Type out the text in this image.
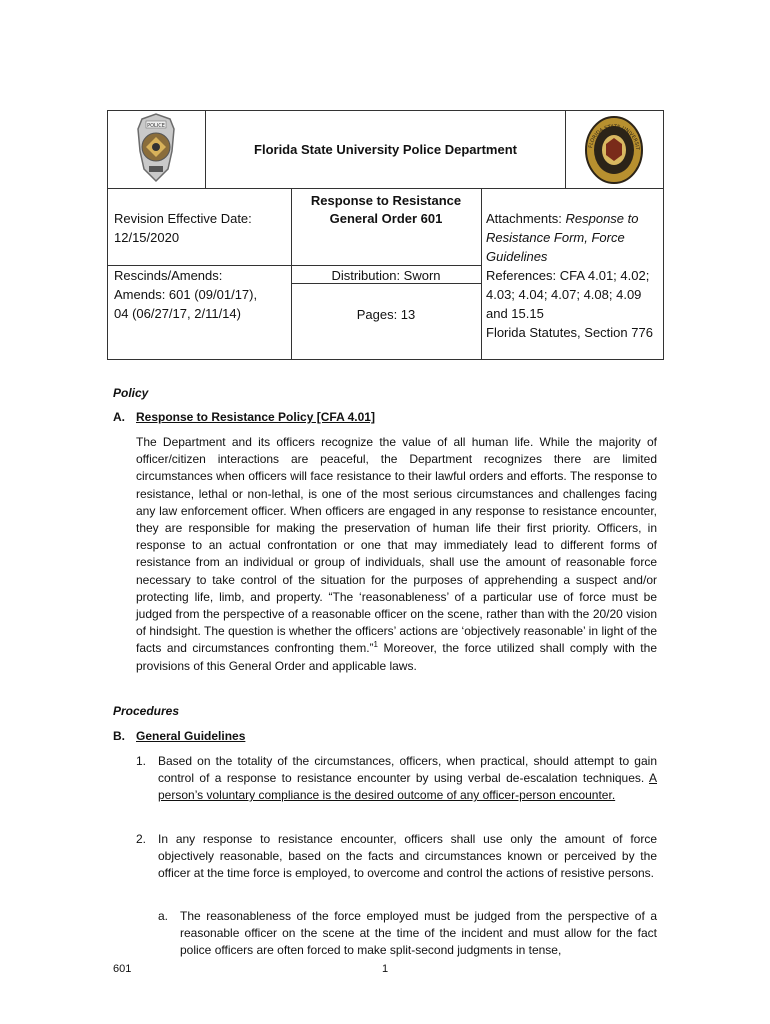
POLICE
Florida State University Police Department	FLORIDA STATE UNIVERSIT
Response to Resistance
General Order 601
Revision Effective Date:
12/15/2020
Attachments: Response to Resistance Form, Force Guidelines
Rescinds/Amends:
Amends: 601 (09/01/17),
04 (06/27/17, 2/11/14)
Distribution: Sworn
Pages: 13
References: CFA 4.01; 4.02; 4.03; 4.04; 4.07; 4.08; 4.09 and 15.15
Florida Statutes, Section 776
Policy
A. Response to Resistance Policy [CFA 4.01]
The Department and its officers recognize the value of all human life. While the majority of officer/citizen interactions are peaceful, the Department recognizes there are limited circumstances when officers will face resistance to their lawful orders and efforts. The response to resistance, lethal or non-lethal, is one of the most serious circumstances and challenges facing any law enforcement officer. When officers are engaged in any response to resistance encounter, they are responsible for making the preservation of human life their first priority. Officers, in response to an actual confrontation or one that may immediately lead to different forms of resistance from an individual or group of individuals, shall use the amount of reasonable force necessary to take control of the situation for the purposes of apprehending a suspect and/or protecting life, limb, and property. “The ‘reasonableness’ of a particular use of force must be judged from the perspective of a reasonable officer on the scene, rather than with the 20/20 vision of hindsight. The question is whether the officers’ actions are ‘objectively reasonable’ in light of the facts and circumstances confronting them.”$^1$ Moreover, the force utilized shall comply with the provisions of this General Order and applicable laws.
Procedures
B. General Guidelines
1. Based on the totality of the circumstances, officers, when practical, should attempt to gain control of a response to resistance encounter by using verbal de-escalation techniques. A person’s voluntary compliance is the desired outcome of any officer-person encounter.
2. In any response to resistance encounter, officers shall use only the amount of force objectively reasonable, based on the facts and circumstances known or perceived by the officer at the time force is employed, to overcome and control the actions of resistive persons.
a. The reasonableness of the force employed must be judged from the perspective of a reasonable officer on the scene at the time of the incident and must allow for the fact police officers are often forced to make split-second judgments in tense,
601	1
